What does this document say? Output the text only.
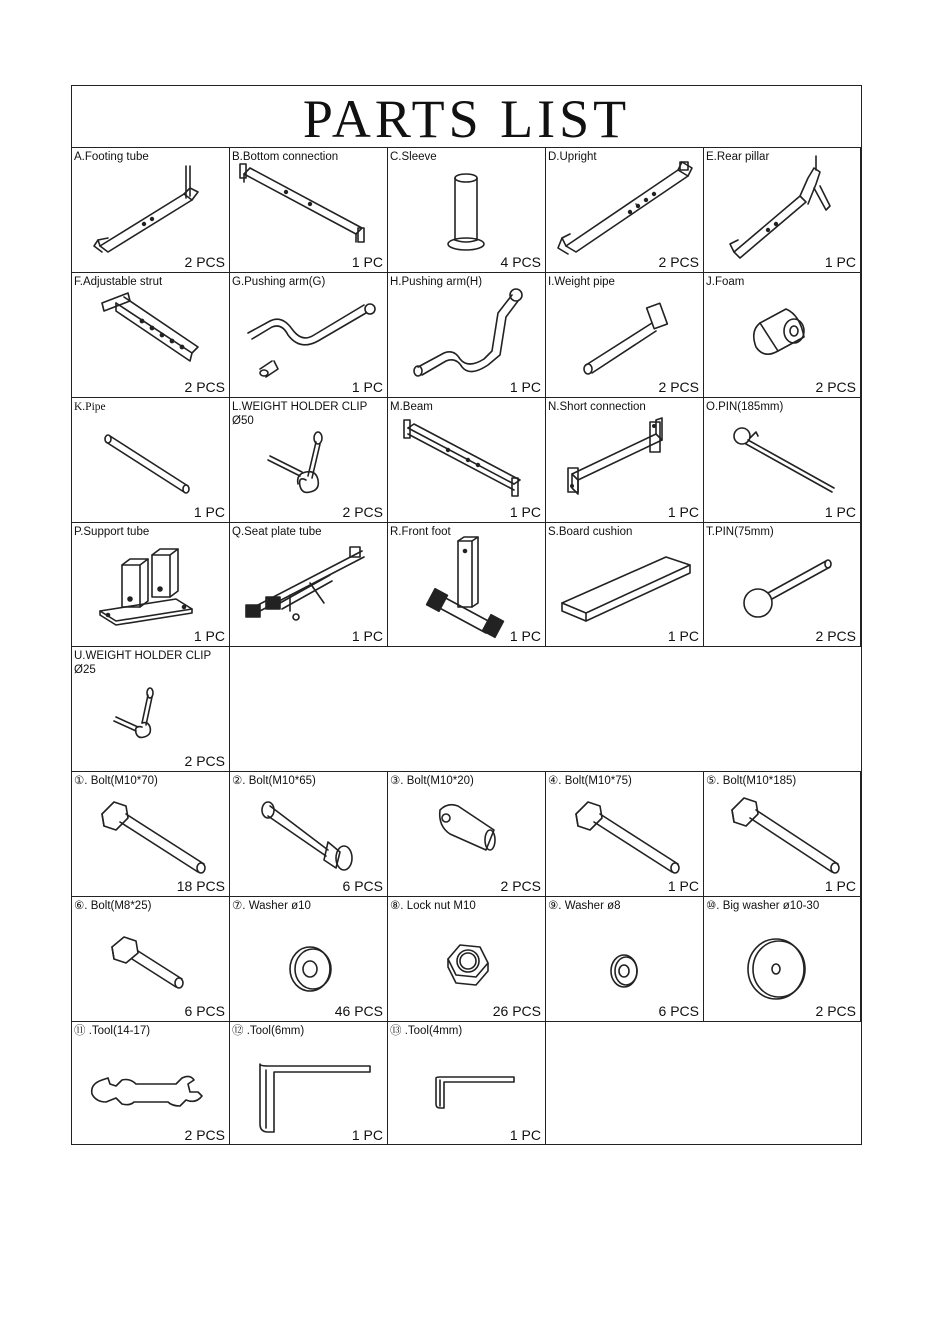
PARTS LIST
A.Footing tube
2 PCS
B.Bottom connection
1 PC
C.Sleeve
4 PCS
D.Upright
2 PCS
E.Rear pillar
1 PC
F.Adjustable strut
2 PCS
G.Pushing arm(G)
1 PC
H.Pushing arm(H)
1 PC
I.Weight pipe
2 PCS
J.Foam
2 PCS
K.Pipe
1 PC
L.WEIGHT HOLDER CLIP
Ø50
2 PCS
M.Beam
1 PC
N.Short connection
1 PC
O.PIN(185mm)
1 PC
P.Support tube
1 PC
Q.Seat plate tube
1 PC
R.Front foot
1 PC
S.Board cushion
1 PC
T.PIN(75mm)
2 PCS
U.WEIGHT HOLDER CLIP
Ø25
2 PCS
①. Bolt(M10*70)
18 PCS
②. Bolt(M10*65)
6 PCS
③. Bolt(M10*20)
2 PCS
④. Bolt(M10*75)
1 PC
⑤. Bolt(M10*185)
1 PC
⑥. Bolt(M8*25)
6 PCS
⑦. Washer ø10
46 PCS
⑧. Lock nut M10
26 PCS
⑨. Washer ø8
6 PCS
⑩. Big washer ø10-30
2 PCS
⑪ .Tool(14-17)
2 PCS
⑫ .Tool(6mm)
1 PC
⑬ .Tool(4mm)
1 PC
